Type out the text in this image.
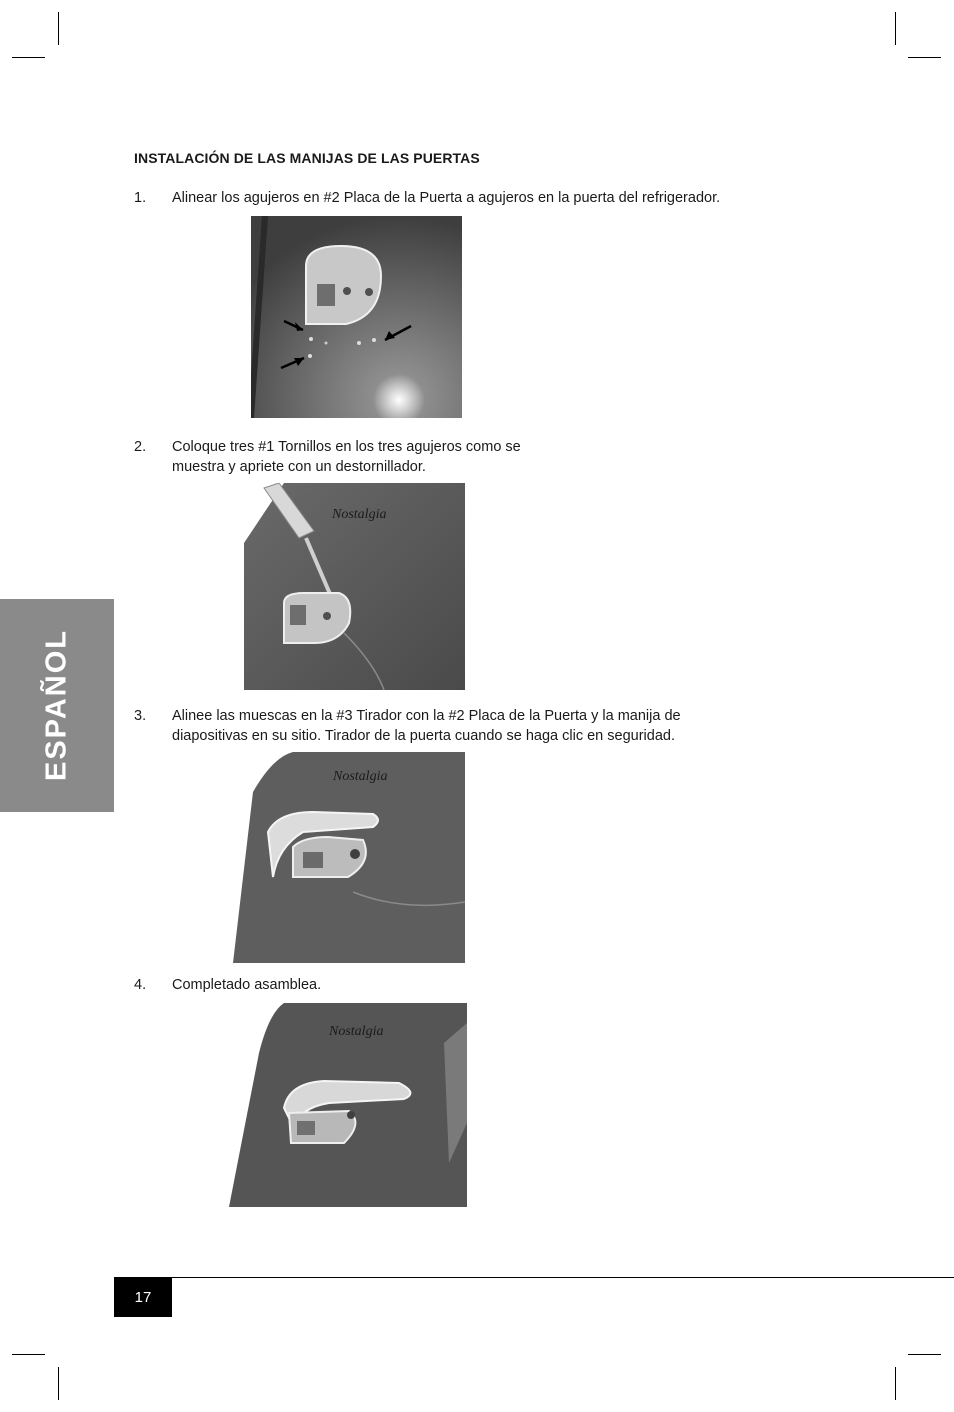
INSTALACIÓN DE LAS MANIJAS DE LAS PUERTAS
1. Alinear los agujeros en #2 Placa de la Puerta a agujeros en la puerta del refrigerador.
2. Coloque tres #1 Tornillos en los tres agujeros como se
muestra y apriete con un destornillador.
Nostalgia
3. Alinee las muescas en la #3 Tirador con la #2 Placa de la Puerta y la manija de
diapositivas en su sitio. Tirador de la puerta cuando se haga clic en seguridad.
Nostalgia
4. Completado asamblea.
Nostalgia
ESPAÑOL
17
